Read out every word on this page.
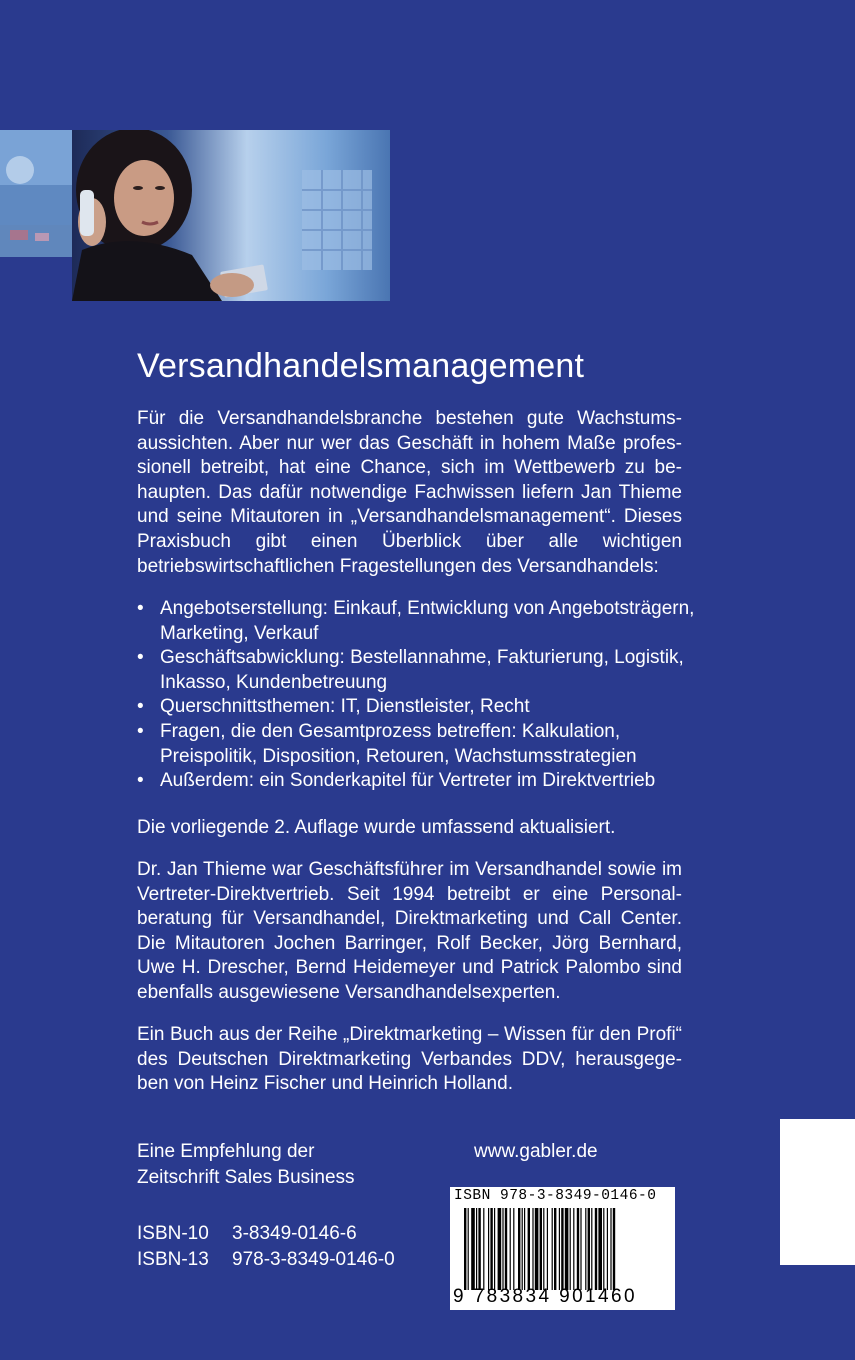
Versandhandelsmanagement

Für die Versandhandelsbranche bestehen gute Wachstumsaussichten. Aber nur wer das Geschäft in hohem Maße professionell betreibt, hat eine Chance, sich im Wettbewerb zu behaupten. Das dafür notwendige Fachwissen liefern Jan Thieme und seine Mitautoren in „Versandhandelsmanagement“. Dieses Praxisbuch gibt einen Überblick über alle wichtigen betriebswirtschaftlichen Fragestellungen des Versandhandels:

• Angebotserstellung: Einkauf, Entwicklung von Angebotsträgern, Marketing, Verkauf
• Geschäftsabwicklung: Bestellannahme, Fakturierung, Logistik, Inkasso, Kundenbetreuung
• Querschnittsthemen: IT, Dienstleister, Recht
• Fragen, die den Gesamtprozess betreffen: Kalkulation, Preispolitik, Disposition, Retouren, Wachstumsstrategien
• Außerdem: ein Sonderkapitel für Vertreter im Direktvertrieb

Die vorliegende 2. Auflage wurde umfassend aktualisiert.

Dr. Jan Thieme war Geschäftsführer im Versandhandel sowie im Vertreter-Direktvertrieb. Seit 1994 betreibt er eine Personalberatung für Versandhandel, Direktmarketing und Call Center. Die Mitautoren Jochen Barringer, Rolf Becker, Jörg Bernhard, Uwe H. Drescher, Bernd Heidemeyer und Patrick Palombo sind ebenfalls ausgewiesene Versandhandelsexperten.

Ein Buch aus der Reihe „Direktmarketing – Wissen für den Profi“ des Deutschen Direktmarketing Verbandes DDV, herausgegeben von Heinz Fischer und Heinrich Holland.

Eine Empfehlung der
Zeitschrift Sales Business
www.gabler.de
ISBN-10	3-8349-0146-6
ISBN-13	978-3-8349-0146-0
ISBN 978-3-8349-0146-0
9 783834 901460
